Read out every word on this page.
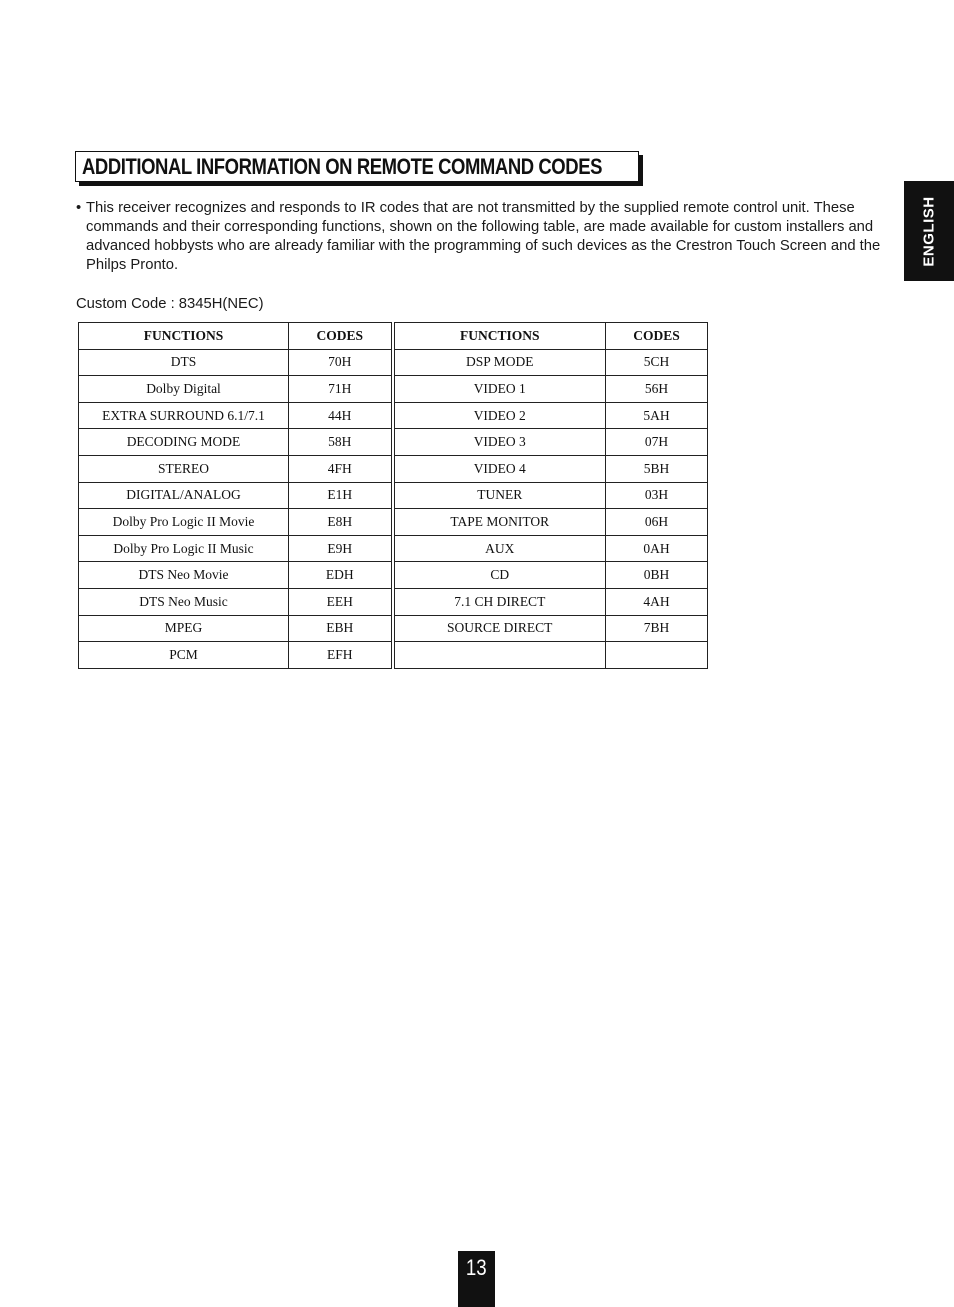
ADDITIONAL INFORMATION ON REMOTE COMMAND CODES
ENGLISH
• This receiver recognizes and responds to IR codes that are not transmitted by the supplied remote control unit. These commands and their corresponding functions, shown on the following table, are made available for custom installers and advanced hobbysts who are already familiar with the programming of such devices as the Crestron Touch Screen and the Philps Pronto.
Custom Code : 8345H(NEC)
FUNCTIONS	CODES	FUNCTIONS	CODES
DTS	70H	DSP MODE	5CH
Dolby Digital	71H	VIDEO 1	56H
EXTRA SURROUND 6.1/7.1	44H	VIDEO 2	5AH
DECODING MODE	58H	VIDEO 3	07H
STEREO	4FH	VIDEO 4	5BH
DIGITAL/ANALOG	E1H	TUNER	03H
Dolby Pro Logic II Movie	E8H	TAPE MONITOR	06H
Dolby Pro Logic II Music	E9H	AUX	0AH
DTS Neo Movie	EDH	CD	0BH
DTS Neo Music	EEH	7.1 CH DIRECT	4AH
MPEG	EBH	SOURCE DIRECT	7BH
PCM	EFH		
13
